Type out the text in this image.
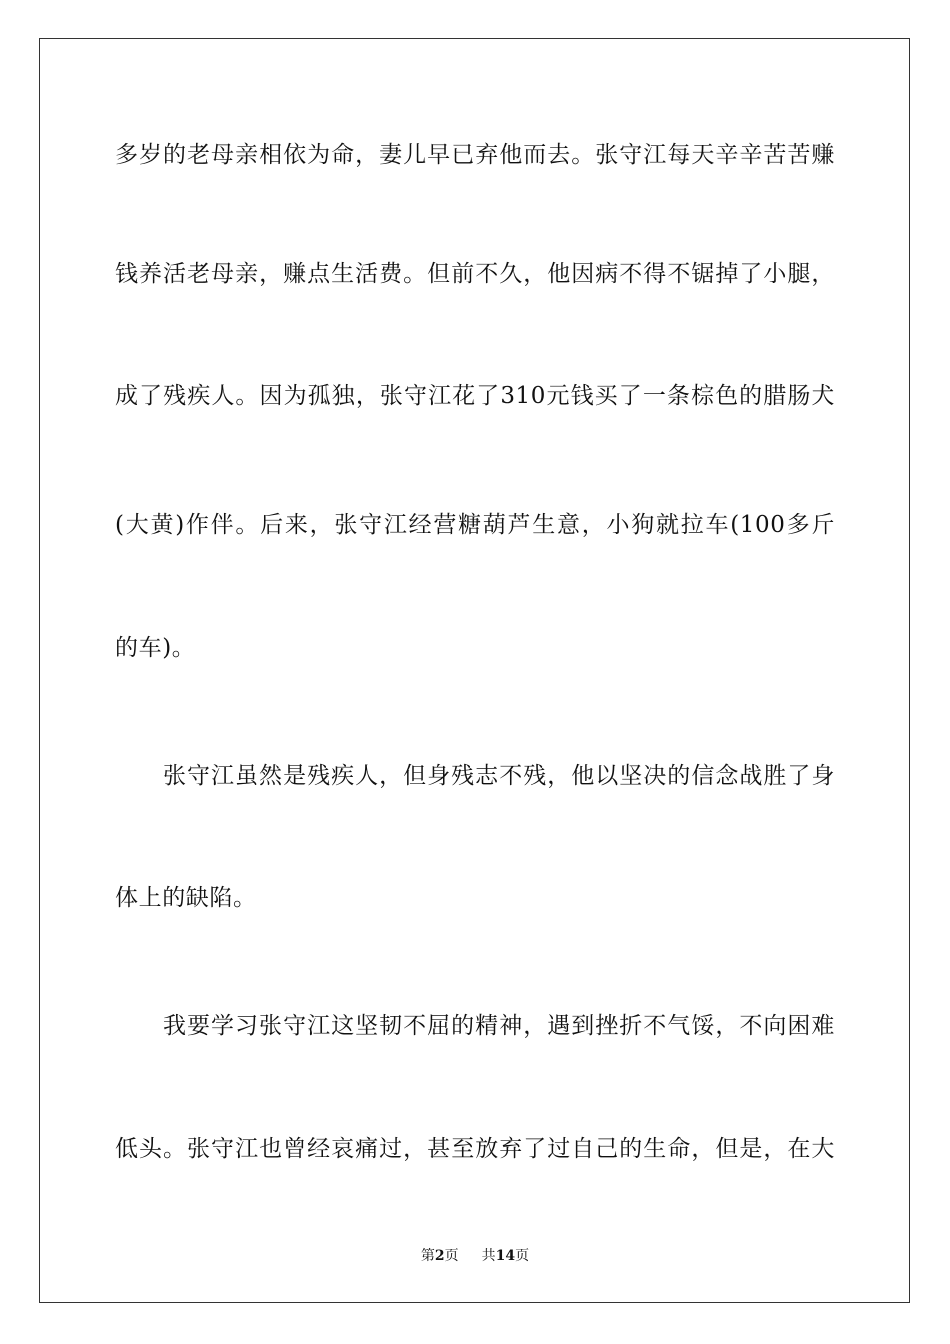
多岁的老母亲相依为命，妻儿早已弃他而去。张守江每天辛辛苦苦赚
钱养活老母亲，赚点生活费。但前不久，他因病不得不锯掉了小腿，
成了残疾人。因为孤独，张守江花了310元钱买了一条棕色的腊肠犬
(大黄)作伴。后来，张守江经营糖葫芦生意，小狗就拉车(100多斤
的车)。
张守江虽然是残疾人，但身残志不残，他以坚决的信念战胜了身
体上的缺陷。
我要学习张守江这坚韧不屈的精神，遇到挫折不气馁，不向困难
低头。张守江也曾经哀痛过，甚至放弃了过自己的生命，但是，在大
第2页 共14页
